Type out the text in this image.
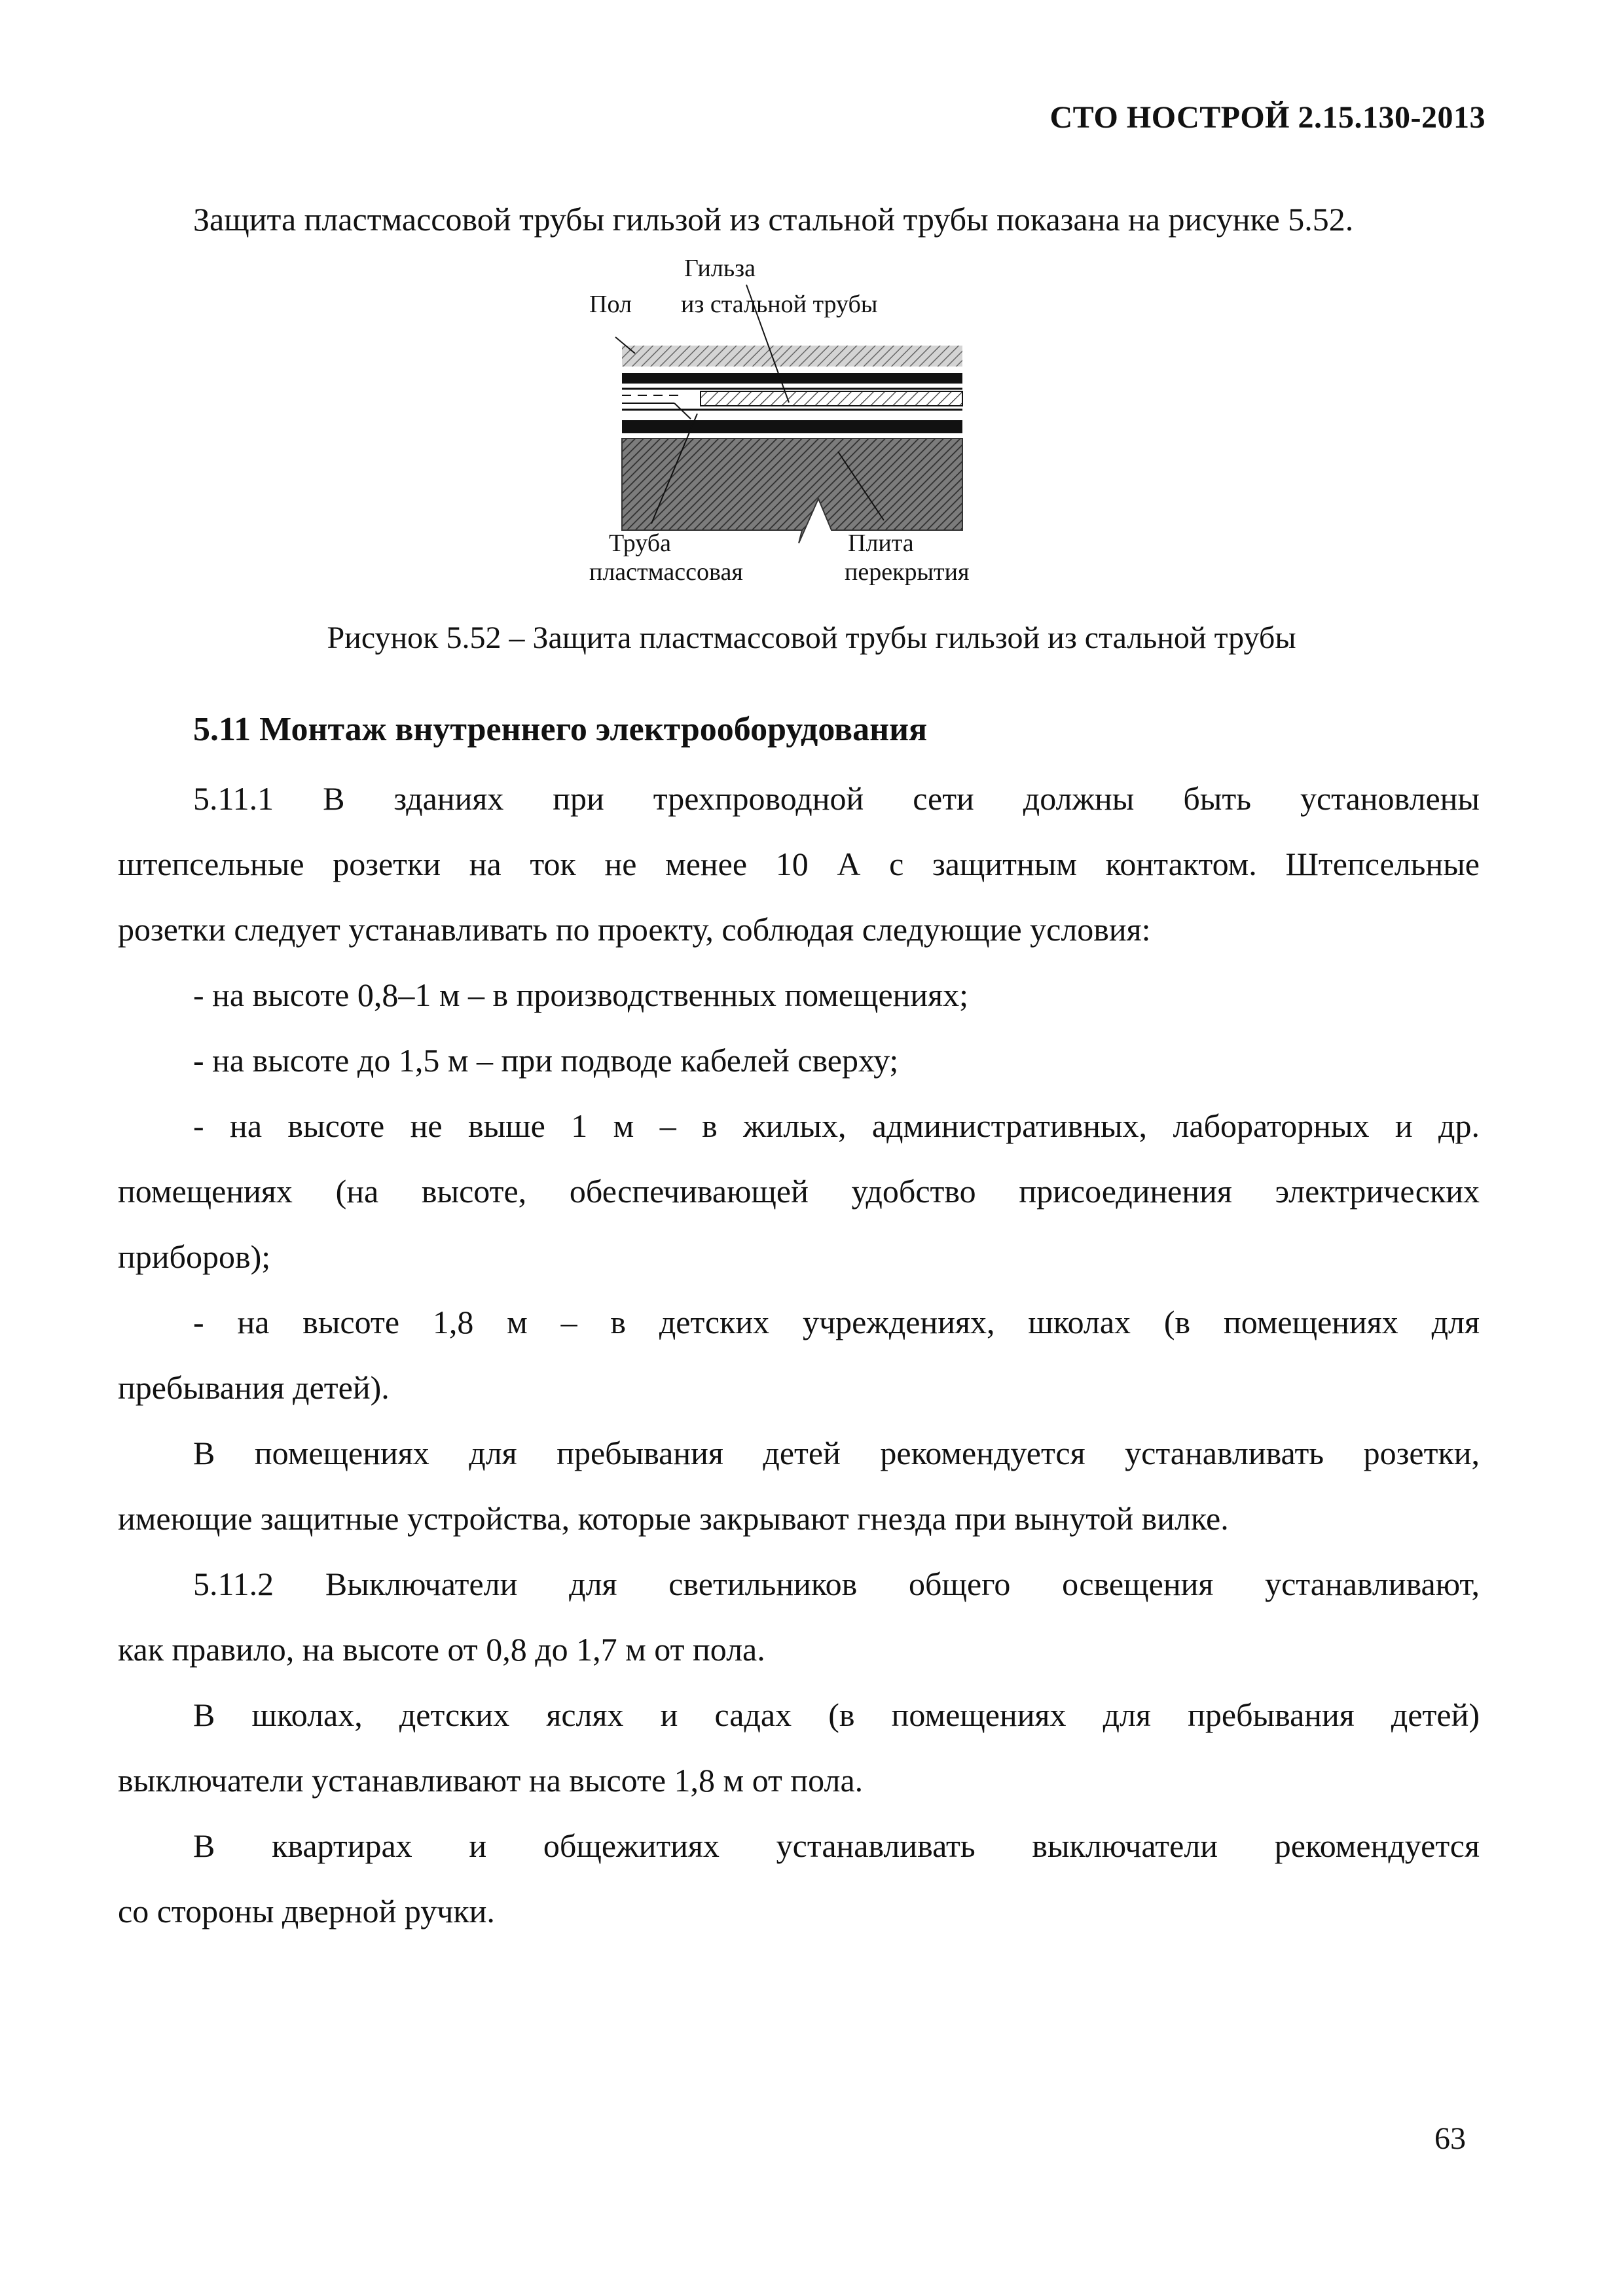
СТО НОСТРОЙ 2.15.130-2013

Защита пластмассовой трубы гильзой из стальной трубы показана на рисунке 5.52.

Гильза
Пол из стальной трубы
Труба
пластмассовая
Плита
перекрытия
Рисунок 5.52 – Защита пластмассовой трубы гильзой из стальной трубы
5.11 Монтаж внутреннего электрооборудования

5.11.1 В зданиях при трехпроводной сети должны быть установлены

штепсельные розетки на ток не менее 10 А с защитным контактом. Штепсельные

розетки следует устанавливать по проекту, соблюдая следующие условия:

- на высоте 0,8–1 м – в производственных помещениях;

- на высоте до 1,5 м – при подводе кабелей сверху;

- на высоте не выше 1 м – в жилых, административных, лабораторных и др.

помещениях (на высоте, обеспечивающей удобство присоединения электрических

приборов);

- на высоте 1,8 м – в детских учреждениях, школах (в помещениях для

пребывания детей).

В помещениях для пребывания детей рекомендуется устанавливать розетки,

имеющие защитные устройства, которые закрывают гнезда при вынутой вилке.

5.11.2 Выключатели для светильников общего освещения устанавливают,

как правило, на высоте от 0,8 до 1,7 м от пола.

В школах, детских яслях и садах (в помещениях для пребывания детей)

выключатели устанавливают на высоте 1,8 м от пола.

В квартирах и общежитиях устанавливать выключатели рекомендуется

со стороны дверной ручки.

63
